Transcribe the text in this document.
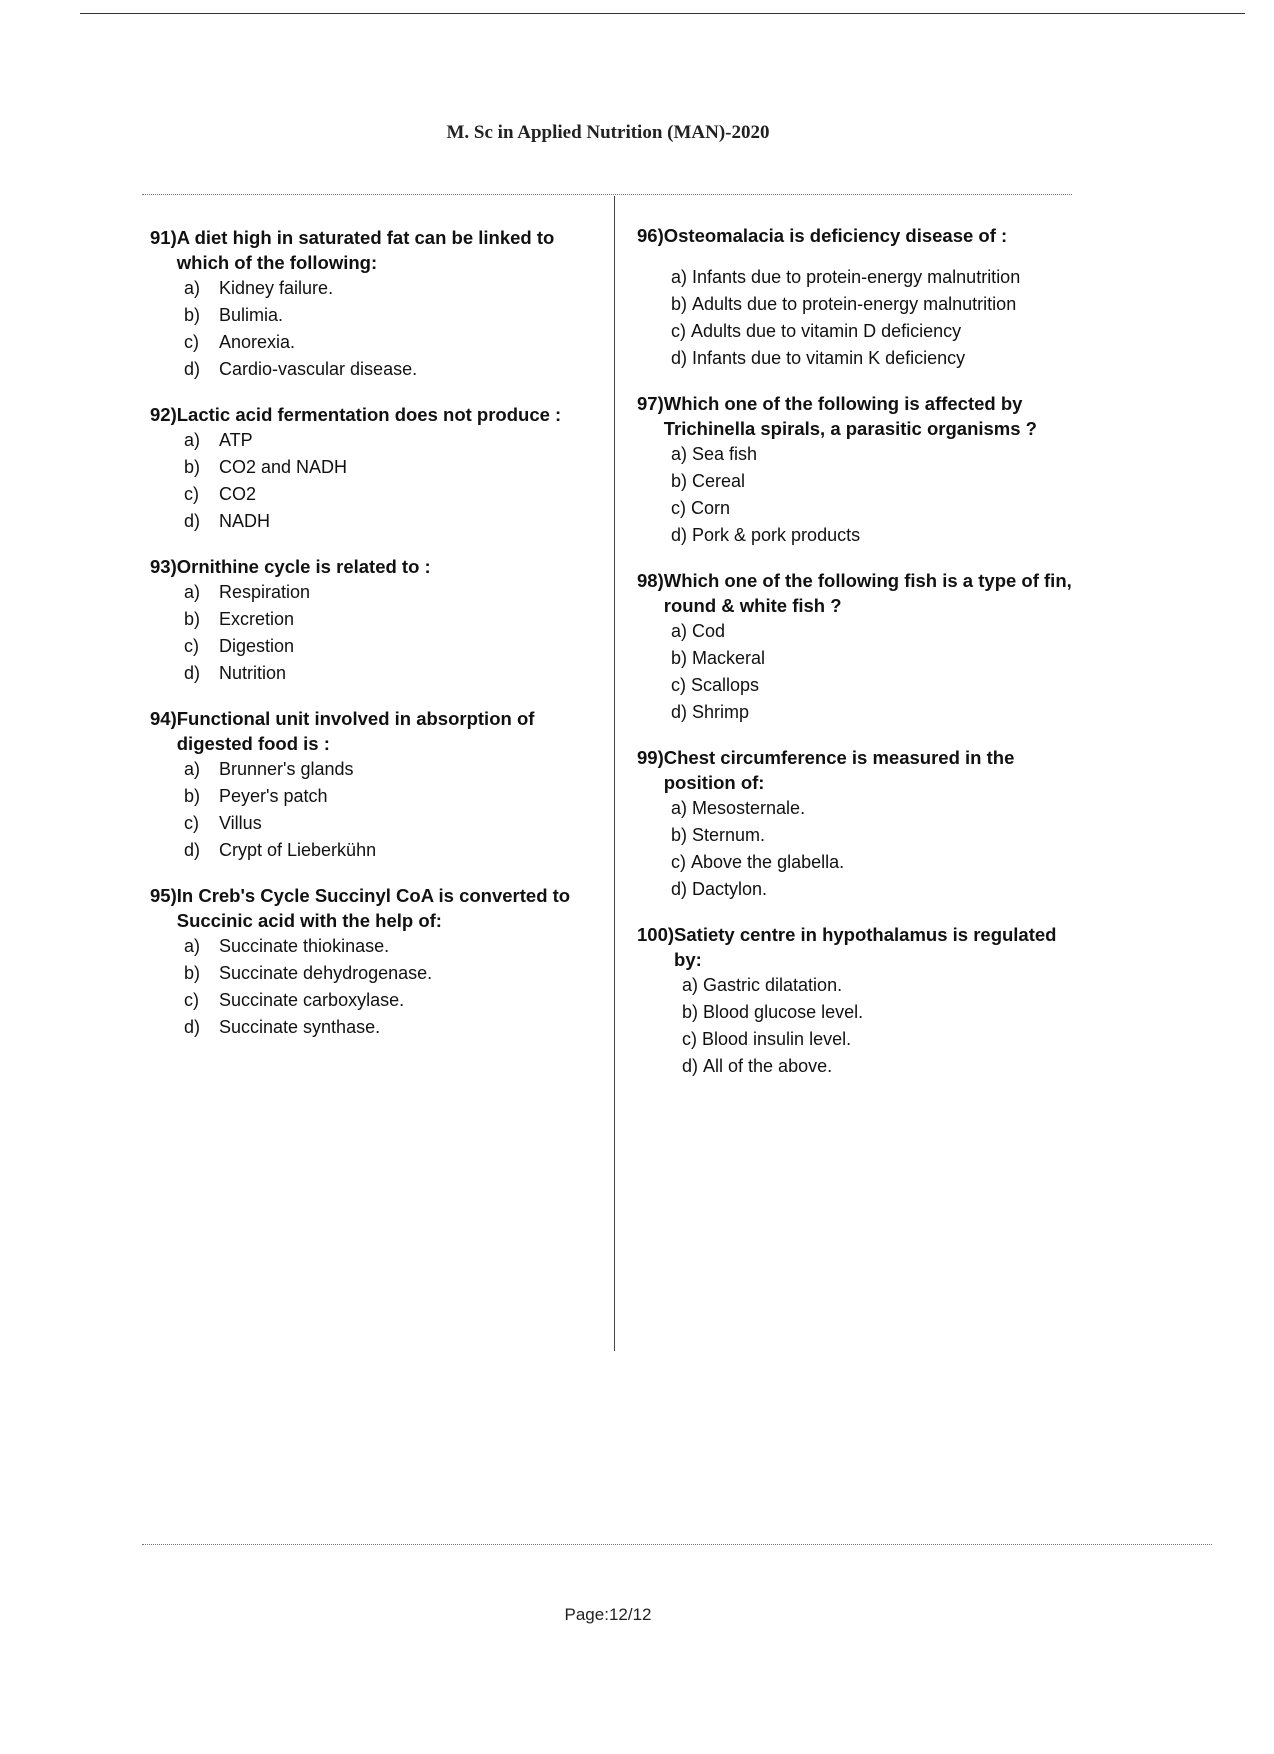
M. Sc in Applied Nutrition (MAN)-2020
91) A diet high in saturated fat can be linked to which of the following:
a)	Kidney failure.
b)	Bulimia.
c)	Anorexia.
d)	Cardio-vascular disease.
92) Lactic acid fermentation does not produce :
a)	ATP
b)	CO2 and NADH
c)	CO2
d)	NADH
93) Ornithine cycle is related to :
a)	Respiration
b)	Excretion
c)	Digestion
d)	Nutrition
94) Functional unit involved in absorption of digested food is :
a)	Brunner's glands
b)	Peyer's patch
c)	Villus
d)	Crypt of Lieberkühn
95) In Creb's Cycle Succinyl CoA is converted to Succinic acid with the help of:
a)	Succinate thiokinase.
b)	Succinate dehydrogenase.
c)	Succinate carboxylase.
d)	Succinate synthase.
96) Osteomalacia is deficiency disease of :
a) Infants due to protein-energy malnutrition
b) Adults due to protein-energy malnutrition
c) Adults due to vitamin D deficiency
d) Infants due to vitamin K deficiency
97) Which one of the following is affected by Trichinella spirals, a parasitic organisms ?
a) Sea fish
b) Cereal
c) Corn
d) Pork & pork products
98) Which one of the following fish is a type of fin, round & white fish ?
a) Cod
b) Mackeral
c) Scallops
d) Shrimp
99) Chest circumference is measured in the position of:
a) Mesosternale.
b) Sternum.
c) Above the glabella.
d) Dactylon.
100) Satiety centre in hypothalamus is regulated by:
a) Gastric dilatation.
b) Blood glucose level.
c) Blood insulin level.
d) All of the above.
Page:12/12
